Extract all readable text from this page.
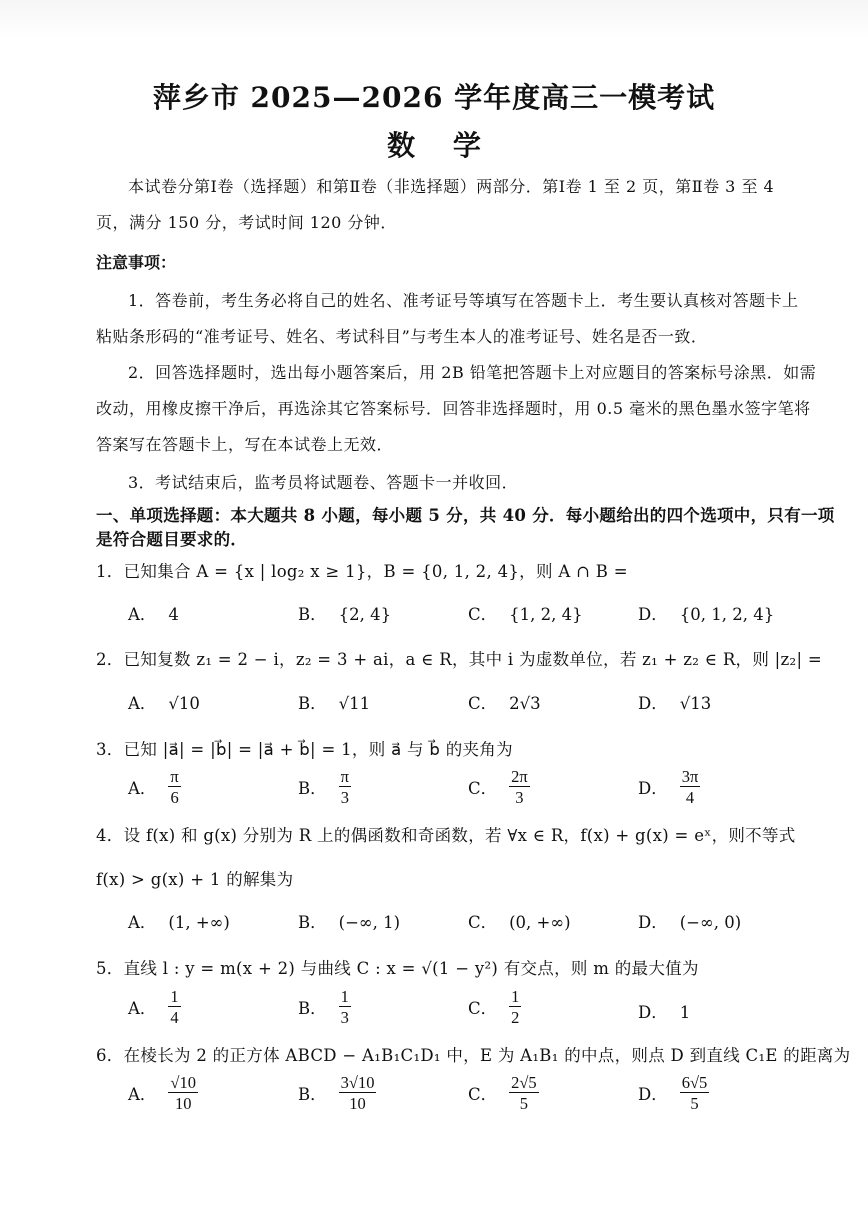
萍乡市 2025—2026 学年度高三一模考试
数 学
本试卷分第Ⅰ卷（选择题）和第Ⅱ卷（非选择题）两部分．第Ⅰ卷 1 至 2 页，第Ⅱ卷 3 至 4
页，满分 150 分，考试时间 120 分钟．
注意事项：
1．答卷前，考生务必将自己的姓名、准考证号等填写在答题卡上．考生要认真核对答题卡上
粘贴条形码的“准考证号、姓名、考试科目”与考生本人的准考证号、姓名是否一致．
2．回答选择题时，选出每小题答案后，用 2B 铅笔把答题卡上对应题目的答案标号涂黑．如需
改动，用橡皮擦干净后，再选涂其它答案标号．回答非选择题时，用 0.5 毫米的黑色墨水签字笔将
答案写在答题卡上，写在本试卷上无效．
3．考试结束后，监考员将试题卷、答题卡一并收回．
一、单项选择题：本大题共 8 小题，每小题 5 分，共 40 分．每小题给出的四个选项中，只有一项
是符合题目要求的．
1．已知集合 A = {x | log₂ x ≥ 1}，B = {0, 1, 2, 4}，则 A ∩ B =
A． 4	B． {2, 4}	C． {1, 2, 4}	D． {0, 1, 2, 4}
2．已知复数 z₁ = 2 − i，z₂ = 3 + ai，a ∈ R，其中 i 为虚数单位，若 z₁ + z₂ ∈ R，则 |z₂| =
A． √10	B． √11	C． 2√3	D． √13
3．已知 |a⃗| = |b⃗| = |a⃗ + b⃗| = 1，则 a⃗ 与 b⃗ 的夹角为
A． $\frac{\pi}{6}$	B． $\frac{\pi}{3}$	C． $\frac{2\pi}{3}$	D． $\frac{3\pi}{4}$
4．设 f(x) 和 g(x) 分别为 R 上的偶函数和奇函数，若 ∀x ∈ R，f(x) + g(x) = eˣ，则不等式
f(x) > g(x) + 1 的解集为
A． (1, +∞)	B． (−∞, 1)	C． (0, +∞)	D． (−∞, 0)
5．直线 l : y = m(x + 2) 与曲线 C : x = √(1 − y²) 有交点，则 m 的最大值为
A． $\frac{1}{4}$	B． $\frac{1}{3}$	C． $\frac{1}{2}$	D． 1
6．在棱长为 2 的正方体 ABCD − A₁B₁C₁D₁ 中，E 为 A₁B₁ 的中点，则点 D 到直线 C₁E 的距离为
A． $\frac{√10}{10}$	B． $\frac{3√10}{10}$	C． $\frac{2√5}{5}$	D． $\frac{6√5}{5}$
